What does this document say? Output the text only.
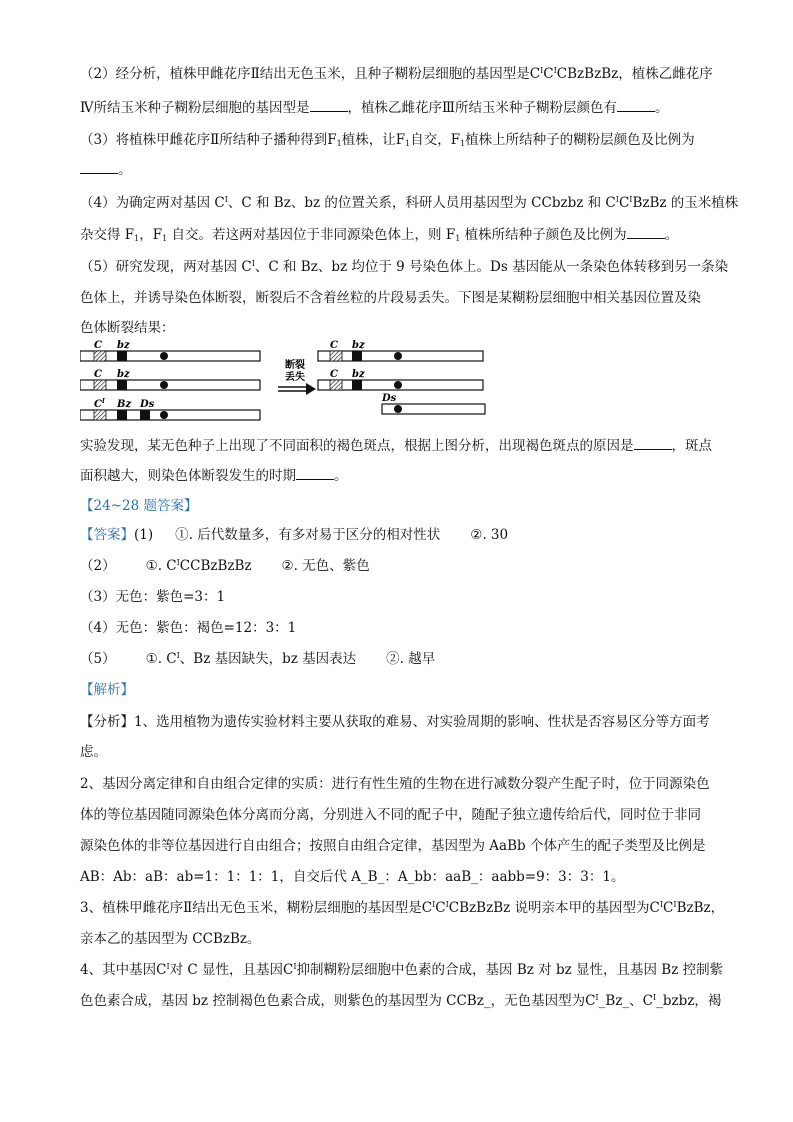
（2）经分析，植株甲雌花序Ⅱ结出无色玉米，且种子糊粉层细胞的基因型是$C^IC^ICBzBzBz$，植株乙雌花序
Ⅳ所结玉米种子糊粉层细胞的基因型是	，植株乙雌花序Ⅲ所结玉米种子糊粉层颜色有	。
（3）将植株甲雌花序Ⅱ所结种子播种得到$F_1$植株，让$F_1$自交，$F_1$植株上所结种子的糊粉层颜色及比例为
。
（4）为确定两对基因 $C^I$、C 和 Bz、bz 的位置关系，科研人员用基因型为 CCbzbz 和 $C^IC^IBzBz$ 的玉米植株
杂交得 $F_1$，$F_1$ 自交。若这两对基因位于非同源染色体上，则 $F_1$ 植株所结种子颜色及比例为	。
（5）研究发现，两对基因 $C^I$、C 和 Bz、bz 均位于 9 号染色体上。Ds 基因能从一条染色体转移到另一条染
色体上，并诱导染色体断裂，断裂后不含着丝粒的片段易丢失。下图是某糊粉层细胞中相关基因位置及染
色体断裂结果：
C bz
C bz
$C^I$ Bz Ds
断裂
丢失
C bz
C bz
Ds
实验发现，某无色种子上出现了不同面积的褐色斑点，根据上图分析，出现褐色斑点的原因是	，斑点
面积越大，则染色体断裂发生的时期	。
【24~28 题答案】
【答案】(1) ①. 后代数量多，有多对易于区分的相对性状 ②. 30
（2） ①. $C^ICCBzBzBz$ ②. 无色、紫色
（3）无色：紫色=3：1
（4）无色：紫色：褐色=12：3：1
（5） ①. $C^I$、Bz 基因缺失，bz 基因表达 ②. 越早
【解析】
【分析】1、选用植物为遗传实验材料主要从获取的难易、对实验周期的影响、性状是否容易区分等方面考
虑。
2、基因分离定律和自由组合定律的实质：进行有性生殖的生物在进行减数分裂产生配子时，位于同源染色
体的等位基因随同源染色体分离而分离，分别进入不同的配子中，随配子独立遗传给后代，同时位于非同
源染色体的非等位基因进行自由组合；按照自由组合定律，基因型为 AaBb 个体产生的配子类型及比例是
AB：Ab：aB：ab=1：1：1：1，自交后代 A_B_：A_bb：aaB_：aabb=9：3：3：1。
3、植株甲雌花序Ⅱ结出无色玉米，糊粉层细胞的基因型是$C^IC^ICBzBzBz$ 说明亲本甲的基因型为$C^IC^IBzBz$，
亲本乙的基因型为 CCBzBz。
4、其中基因$C^I$对 C 显性，且基因$C^I$抑制糊粉层细胞中色素的合成，基因 Bz 对 bz 显性，且基因 Bz 控制紫
色色素合成，基因 bz 控制褐色色素合成，则紫色的基因型为 CCBz_，无色基因型为$C^I\_Bz\_$、$C^I\_bzbz$，褐
